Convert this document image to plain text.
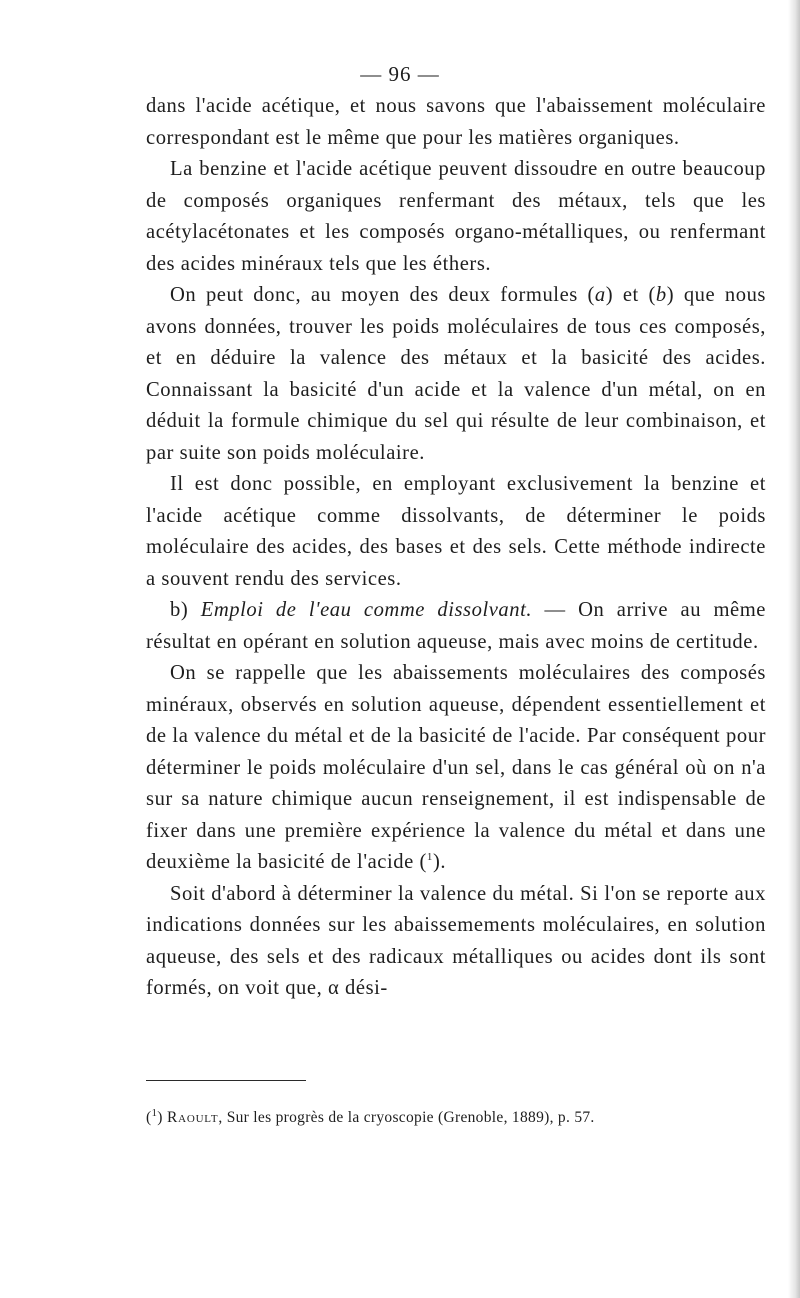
— 96 —

dans l'acide acétique, et nous savons que l'abaissement moléculaire correspondant est le même que pour les matières organiques.

La benzine et l'acide acétique peuvent dissoudre en outre beaucoup de composés organiques renfermant des métaux, tels que les acétylacétonates et les composés organo-métalliques, ou renfermant des acides minéraux tels que les éthers.

On peut donc, au moyen des deux formules (a) et (b) que nous avons données, trouver les poids moléculaires de tous ces composés, et en déduire la valence des métaux et la basicité des acides. Connaissant la basicité d'un acide et la valence d'un métal, on en déduit la formule chimique du sel qui résulte de leur combinaison, et par suite son poids moléculaire.

Il est donc possible, en employant exclusivement la benzine et l'acide acétique comme dissolvants, de déterminer le poids moléculaire des acides, des bases et des sels. Cette méthode indirecte a souvent rendu des services.

b) Emploi de l'eau comme dissolvant. — On arrive au même résultat en opérant en solution aqueuse, mais avec moins de certitude.

On se rappelle que les abaissements moléculaires des composés minéraux, observés en solution aqueuse, dépendent essentiellement et de la valence du métal et de la basicité de l'acide. Par conséquent pour déterminer le poids moléculaire d'un sel, dans le cas général où on n'a sur sa nature chimique aucun renseignement, il est indispensable de fixer dans une première expérience la valence du métal et dans une deuxième la basicité de l'acide ($^1$).

Soit d'abord à déterminer la valence du métal. Si l'on se reporte aux indications données sur les abaissemements moléculaires, en solution aqueuse, des sels et des radicaux métalliques ou acides dont ils sont formés, on voit que, α dési-

($^1$) Raoult, Sur les progrès de la cryoscopie (Grenoble, 1889), p. 57.
